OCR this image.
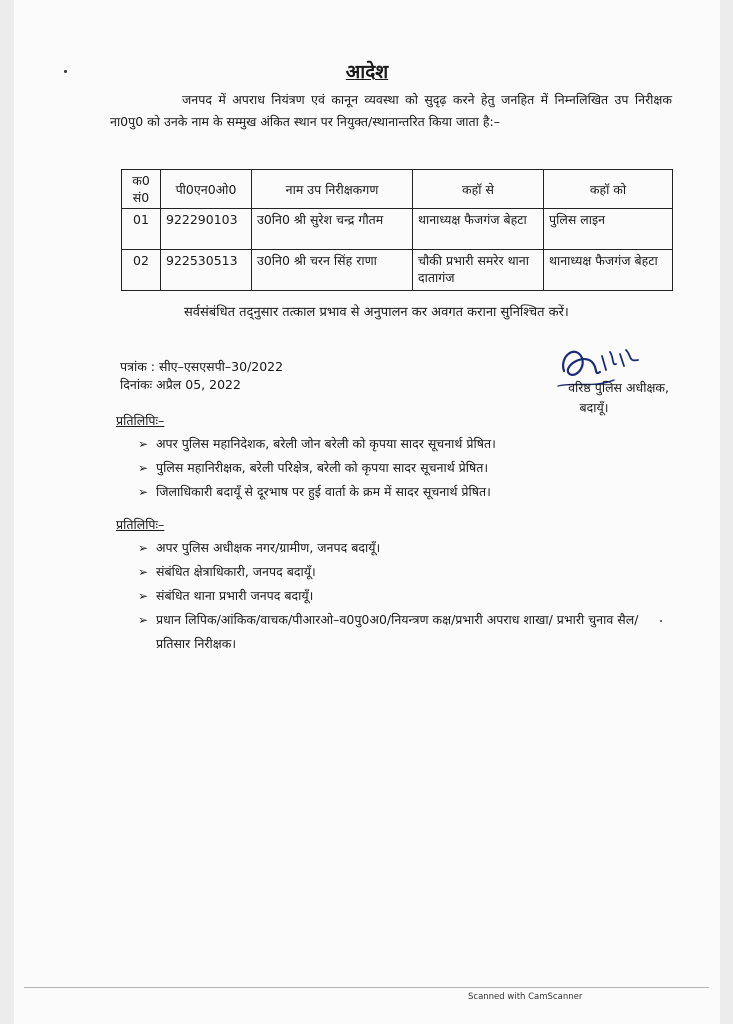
आदेश
जनपद में अपराध नियंत्रण एवं कानून व्यवस्था को सुदृढ़ करने हेतु जनहित में निम्नलिखित उप निरीक्षक ना0पु0 को उनके नाम के सम्मुख अंकित स्थान पर नियुक्त/स्थानान्तरित किया जाता है:–
क0 सं0	पी0एन0ओ0	नाम उप निरीक्षकगण	कहॉ से	कहॉ को
01	922290103	उ0नि0 श्री सुरेश चन्द्र गौतम	थानाध्यक्ष फैजगंज बेहटा	पुलिस लाइन
02	922530513	उ0नि0 श्री चरन सिंह राणा	चौकी प्रभारी समरेर थाना दातागंज	थानाध्यक्ष फैजगंज बेहटा
सर्वसंबंधित तद्नुसार तत्काल प्रभाव से अनुपालन कर अवगत कराना सुनिश्चित करें।
पत्रांक : सीए–एसएसपी–30/2022
दिनांकः अप्रैल 05, 2022	वरिष्ठ पुलिस अधीक्षक,
बदायूँ।
प्रतिलिपिः–
➢ अपर पुलिस महानिदेशक, बरेली जोन बरेली को कृपया सादर सूचनार्थ प्रेषित।
➢ पुलिस महानिरीक्षक, बरेली परिक्षेत्र, बरेली को कृपया सादर सूचनार्थ प्रेषित।
➢ जिलाधिकारी बदायूँ से दूरभाष पर हुई वार्ता के क्रम में सादर सूचनार्थ प्रेषित।
प्रतिलिपिः–
➢ अपर पुलिस अधीक्षक नगर/ग्रामीण, जनपद बदायूँ।
➢ संबंधित क्षेत्राधिकारी, जनपद बदायूँ।
➢ संबंधित थाना प्रभारी जनपद बदायूँ।
➢ प्रधान लिपिक/आंकिक/वाचक/पीआरओ–व0पु0अ0/नियन्त्रण कक्ष/प्रभारी अपराध शाखा/ प्रभारी चुनाव सैल/प्रतिसार निरीक्षक।
Scanned with CamScanner
